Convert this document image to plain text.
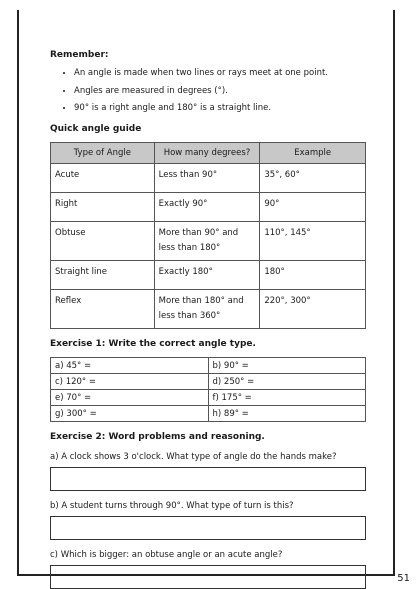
51

Remember:

• An angle is made when two lines or rays meet at one point.
• Angles are measured in degrees (°).
• 90° is a right angle and 180° is a straight line.

Quick angle guide

Type of Angle	How many degrees?	Example
Acute	Less than 90°	35°, 60°
Right	Exactly 90°	90°
Obtuse	More than 90° and less than 180°	110°, 145°
Straight line	Exactly 180°	180°
Reflex	More than 180° and less than 360°	220°, 300°

Exercise 1: Write the correct angle type.

a) 45° =	b) 90° =
c) 120° =	d) 250° =
e) 70° =	f) 175° =
g) 300° =	h) 89° =

Exercise 2: Word problems and reasoning.

a) A clock shows 3 o'clock. What type of angle do the hands make?
b) A student turns through 90°. What type of turn is this?
c) Which is bigger: an obtuse angle or an acute angle?
